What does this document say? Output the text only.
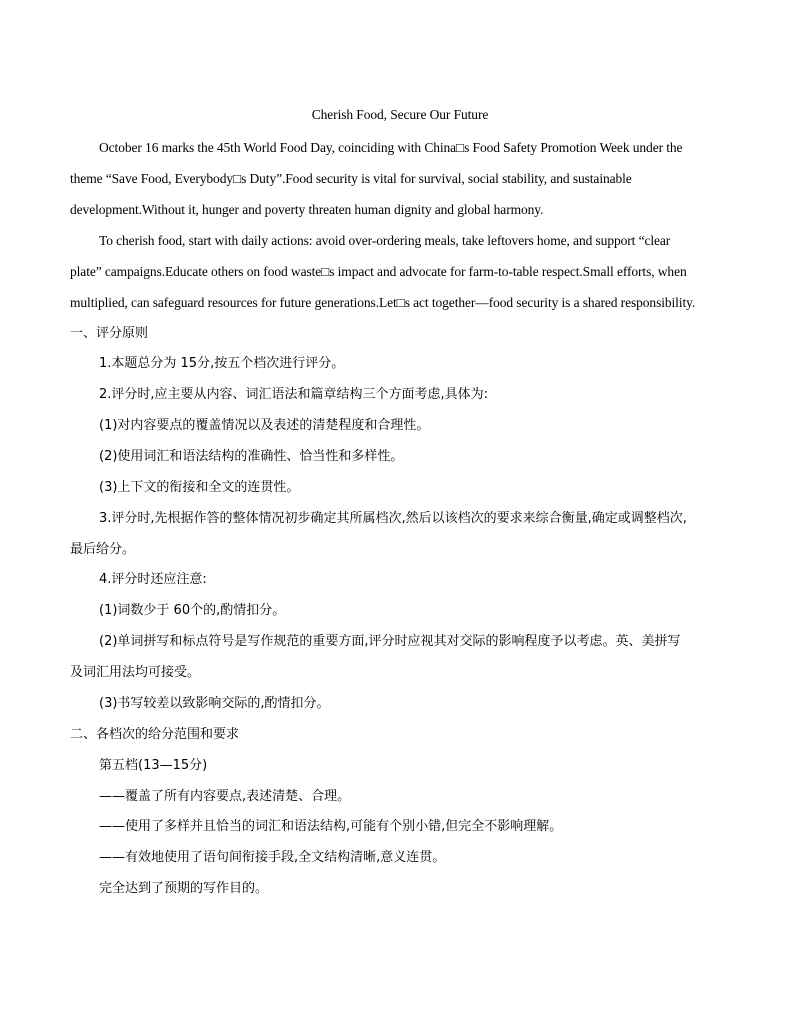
Cherish Food, Secure Our Future
October 16 marks the 45th World Food Day, coinciding with China□s Food Safety Promotion Week under the
theme “Save Food, Everybody□s Duty”.Food security is vital for survival, social stability, and sustainable
development.Without it, hunger and poverty threaten human dignity and global harmony.
To cherish food, start with daily actions: avoid over-ordering meals, take leftovers home, and support “clear
plate” campaigns.Educate others on food waste□s impact and advocate for farm-to-table respect.Small efforts, when
multiplied, can safeguard resources for future generations.Let□s act together—food security is a shared responsibility.
一、评分原则
1.本题总分为 15分,按五个档次进行评分。
2.评分时,应主要从内容、词汇语法和篇章结构三个方面考虑,具体为:
(1)对内容要点的覆盖情况以及表述的清楚程度和合理性。
(2)使用词汇和语法结构的准确性、恰当性和多样性。
(3)上下文的衔接和全文的连贯性。
3.评分时,先根据作答的整体情况初步确定其所属档次,然后以该档次的要求来综合衡量,确定或调整档次,
最后给分。
4.评分时还应注意:
(1)词数少于 60个的,酌情扣分。
(2)单词拼写和标点符号是写作规范的重要方面,评分时应视其对交际的影响程度予以考虑。英、美拼写
及词汇用法均可接受。
(3)书写较差以致影响交际的,酌情扣分。
二、各档次的给分范围和要求
第五档(13—15分)
——覆盖了所有内容要点,表述清楚、合理。
——使用了多样并且恰当的词汇和语法结构,可能有个别小错,但完全不影响理解。
——有效地使用了语句间衔接手段,全文结构清晰,意义连贯。
完全达到了预期的写作目的。
